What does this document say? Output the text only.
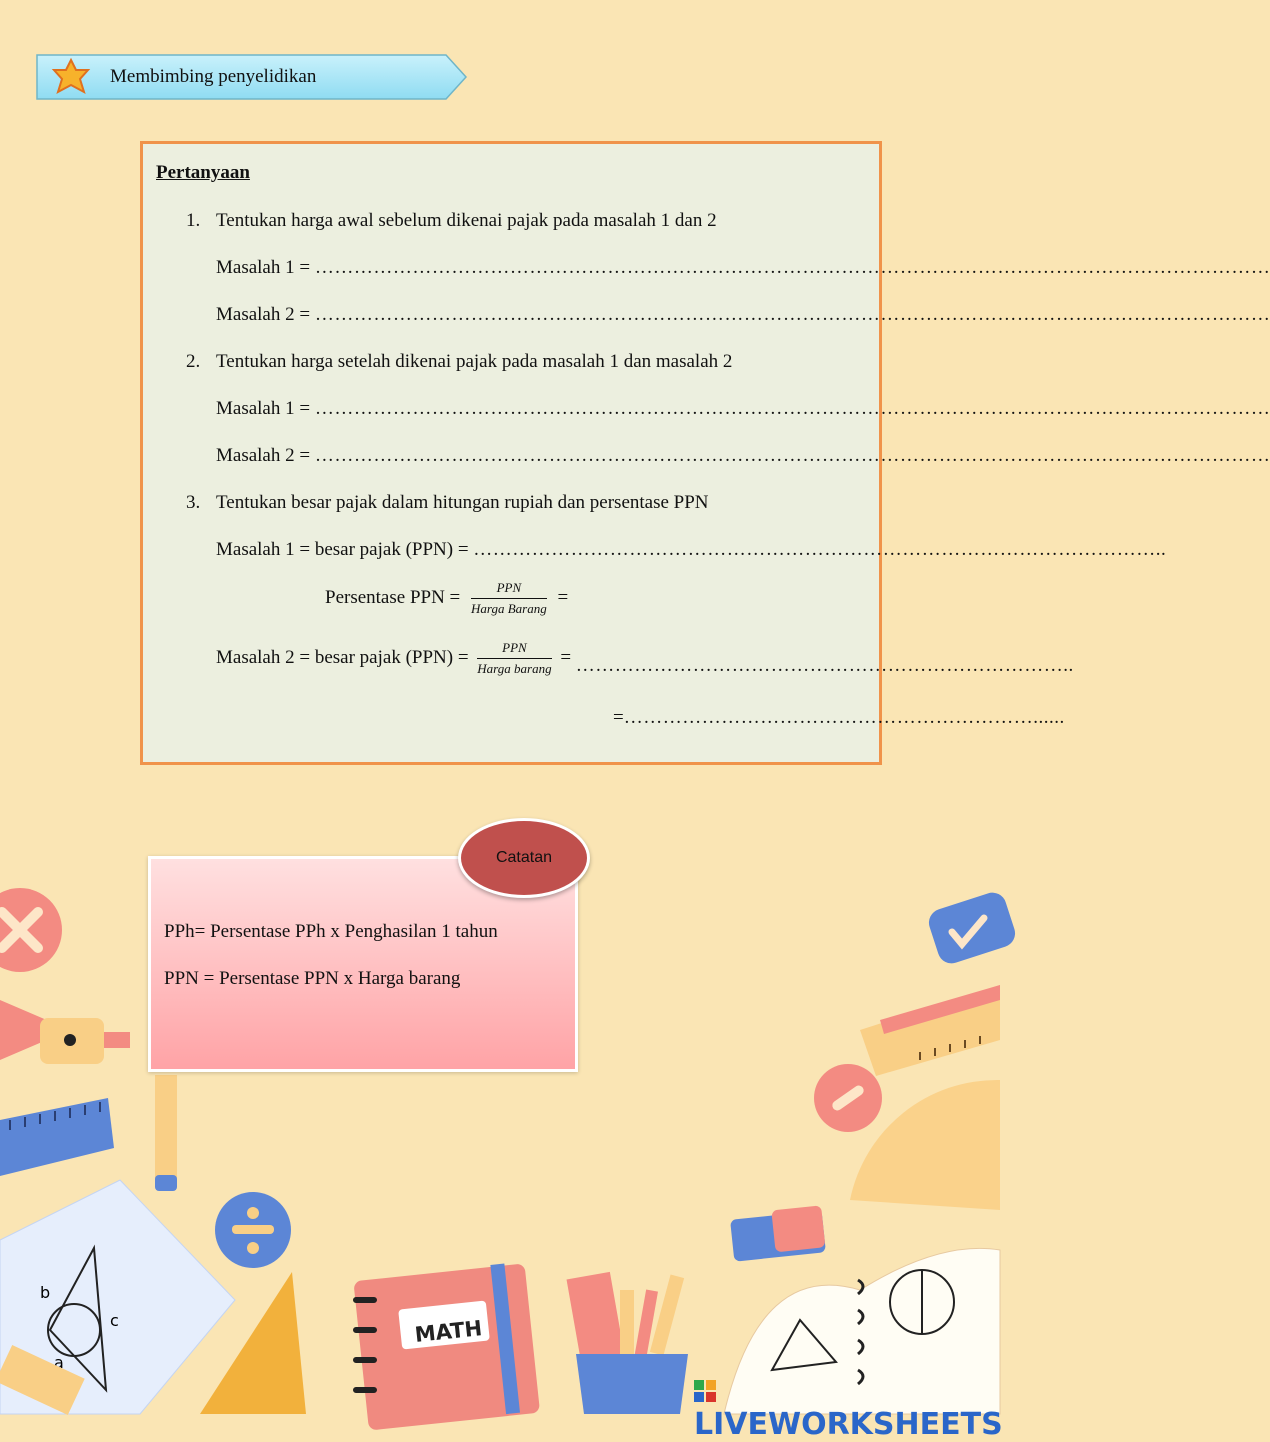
Membimbing penyelidikan
Pertanyaan
1. Tentukan harga awal sebelum dikenai pajak pada masalah 1 dan 2
Masalah 1 = …………………………………………………………………………………………………………………………………
Masalah 2 = …………………………………………………………………………………………………………………………………
2. Tentukan harga setelah dikenai pajak pada masalah 1 dan masalah 2
Masalah 1 = …………………………………………………………………………………………………………………………………
Masalah 2 = …………………………………………………………………………………………………………………………………
3. Tentukan besar pajak dalam hitungan rupiah dan persentase PPN
Masalah 1 = besar pajak (PPN) = ……………………………………………………………………………………………..
Persentase PPN = $\frac{\text{PPN}}{\text{Harga Barang}}$ =
Masalah 2 = besar pajak $(PPN) = \frac{\text{PPN}}{\text{Harga barang}}$ = …………………………………………………………………..
=………………………………………………………......
b
c
a
MATH
PPh= Persentase PPh x Penghasilan 1 tahun
PPN = Persentase PPN x Harga barang
Catatan
LIVEWORKSHEETS
